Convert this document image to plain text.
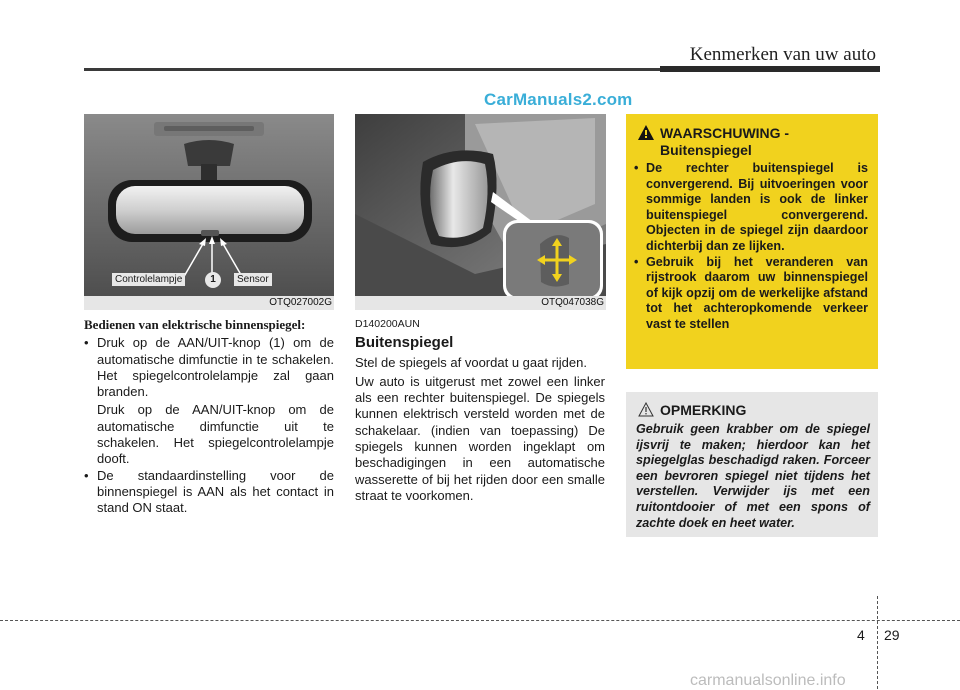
Kenmerken van uw auto
CarManuals2.com
Controlelampje	1	Sensor
OTQ027002G	OTQ047038G

Bedienen van elektrische binnenspiegel:

• Druk op de AAN/UIT-knop (1) om de automatische dimfunctie in te schakelen. Het spiegelcontrolelampje zal gaan branden.

Druk op de AAN/UIT-knop om de automatische dimfunctie uit te schakelen. Het spiegelcontrolelampje dooft.

• De standaardinstelling voor de binnenspiegel is AAN als het contact in stand ON staat.

D140200AUN

Buitenspiegel

Stel de spiegels af voordat u gaat rijden.

Uw auto is uitgerust met zowel een linker als een rechter buitenspiegel. De spiegels kunnen elektrisch versteld worden met de schakelaar. (indien van toepassing) De spiegels kunnen worden ingeklapt om beschadigingen in een automatische wasserette of bij het rijden door een smalle straat te voorkomen.

WAARSCHUWING -
Buitenspiegel
• De rechter buitenspiegel is convergerend. Bij uitvoeringen voor sommige landen is ook de linker buitenspiegel convergerend. Objecten in de spiegel zijn daardoor dichterbij dan ze lijken.
• Gebruik bij het veranderen van rijstrook daarom uw binnenspiegel of kijk opzij om de werkelijke afstand tot het achteropkomende verkeer vast te stellen
OPMERKING
Gebruik geen krabber om de spiegel ijsvrij te maken; hierdoor kan het spiegelglas beschadigd raken. Forceer een bevroren spiegel niet tijdens het verstellen. Verwijder ijs met een ruitontdooier of met een spons of zachte doek en heet water.
4 29
carmanualsonline.info
